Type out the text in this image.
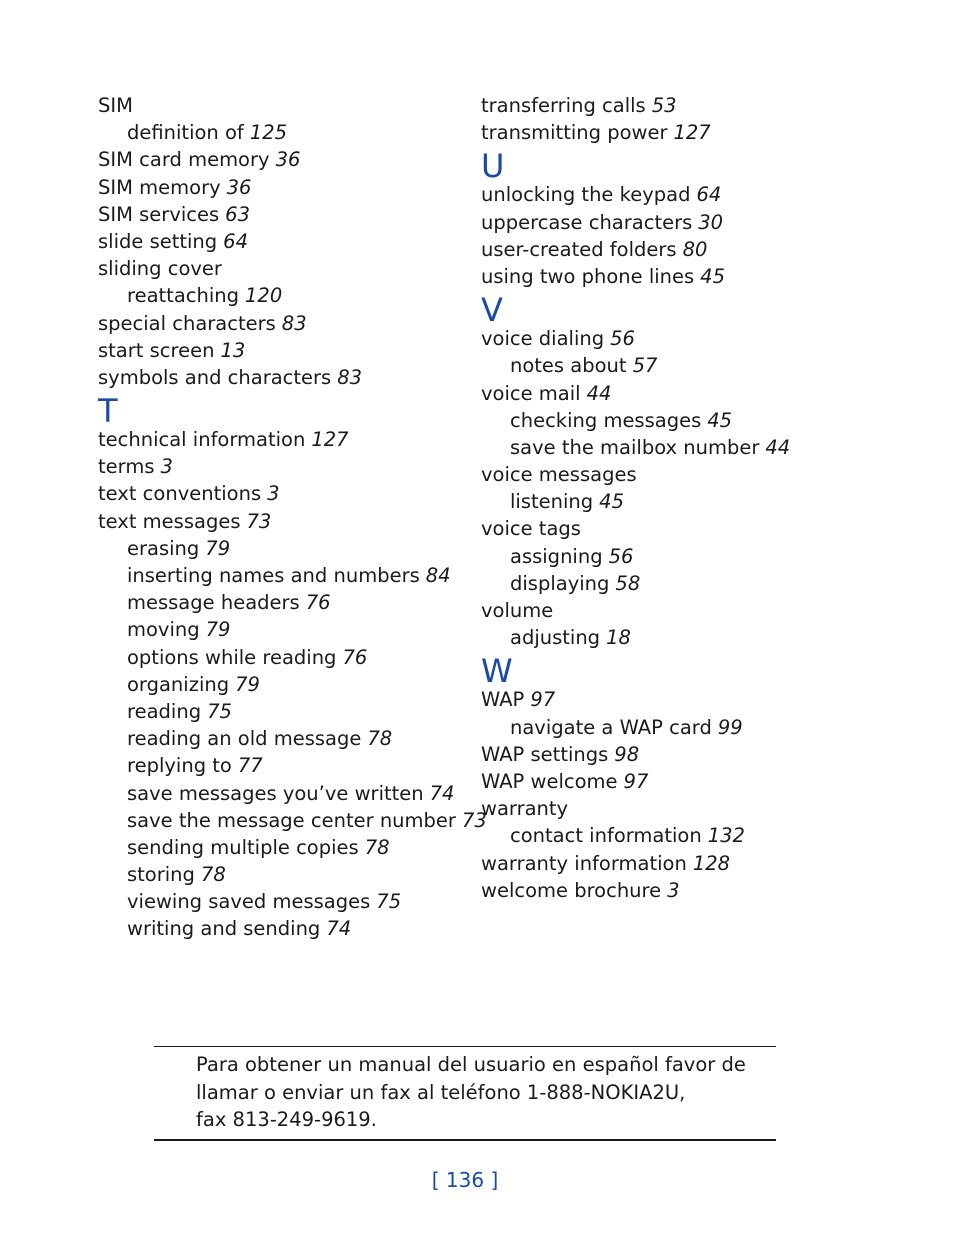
SIM
definition of 125
SIM card memory 36
SIM memory 36
SIM services 63
slide setting 64
sliding cover
reattaching 120
special characters 83
start screen 13
symbols and characters 83
T
technical information 127
terms 3
text conventions 3
text messages 73
erasing 79
inserting names and numbers 84
message headers 76
moving 79
options while reading 76
organizing 79
reading 75
reading an old message 78
replying to 77
save messages you’ve written 74
save the message center number 73
sending multiple copies 78
storing 78
viewing saved messages 75
writing and sending 74
transferring calls 53
transmitting power 127
U
unlocking the keypad 64
uppercase characters 30
user-created folders 80
using two phone lines 45
V
voice dialing 56
notes about 57
voice mail 44
checking messages 45
save the mailbox number 44
voice messages
listening 45
voice tags
assigning 56
displaying 58
volume
adjusting 18
W
WAP 97
navigate a WAP card 99
WAP settings 98
WAP welcome 97
warranty
contact information 132
warranty information 128
welcome brochure 3
Para obtener un manual del usuario en español favor de
llamar o enviar un fax al teléfono 1-888-NOKIA2U,
fax 813-249-9619.
[ 136 ]
